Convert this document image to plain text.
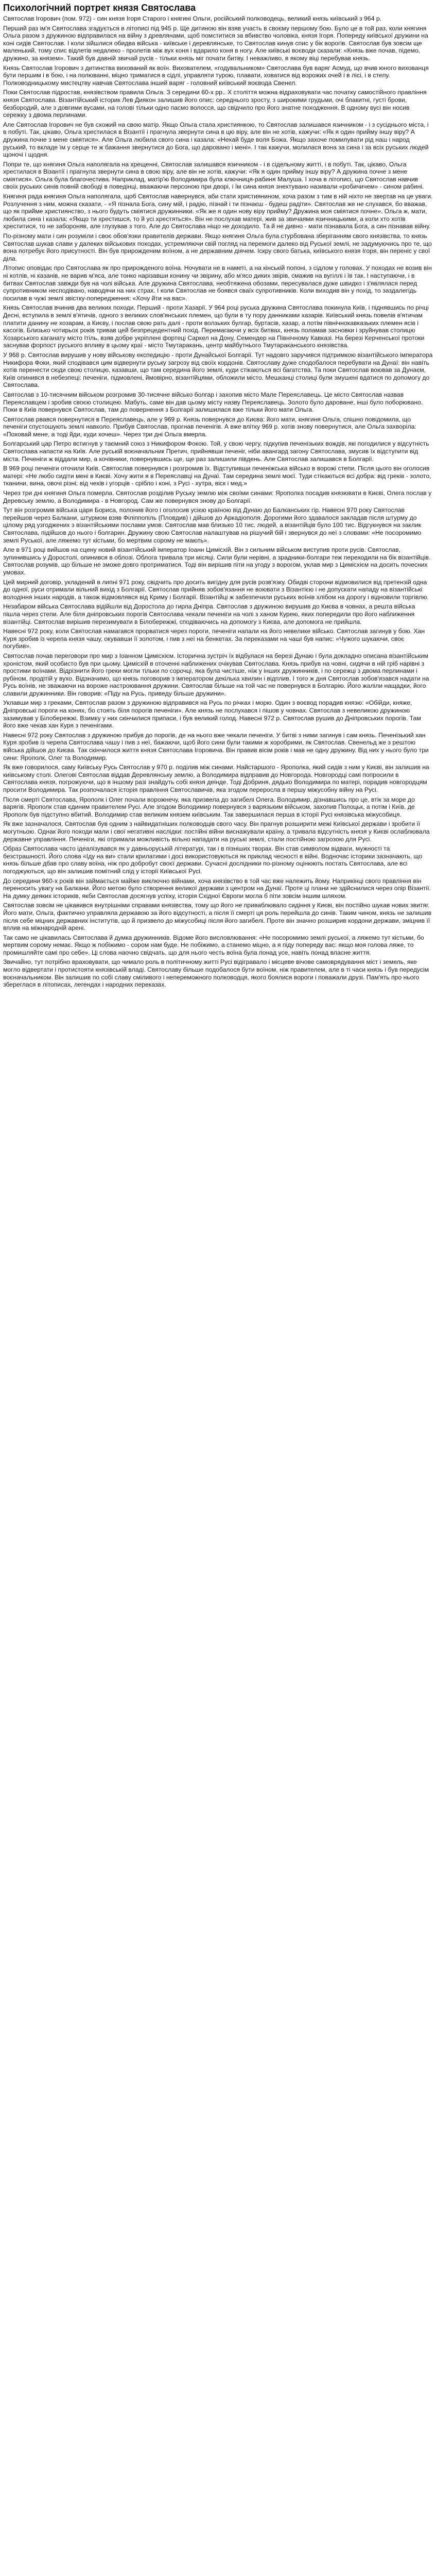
Психологічний портрет князя Святослава

Святослав Ігорович (пом. 972) - син князя Ігоря Старого і княгині Ольги, російський полководець, великий князь київський з 964 р.

Перший раз ім'я Святослава згадується в літописі під 945 р. Ще дитиною він взяв участь в своєму першому бою. Було це в той раз, коли княгиня Ольга разом з дружиною відправилася на війну з древлянами, щоб помститися за вбивство чоловіка, князя Ігоря. Попереду київської дружини на коні сидів Святослав. І коли зійшлися обидва війська - київське і деревлянське, то Святослав кинув спис у бік ворогів. Святослав був зовсім ще маленький, тому спис відлетів недалеко - пролетів між вух коня і вдарило коня в ногу. Але київські воєводи сказали: «Князь вже почав, підемо, дружино, за князем». Такий був давній звичай русів - тільки князь міг почати битву. І неважливо, в якому віці перебував князь.

Князь Святослав Ігорович з дитинства вихований як воїн. Вихователем, «годувальником» Святослава був варяг Асмуд, що вчив юного вихованця бути першим і в бою, і на полюванні, міцно триматися в сідлі, управляти турою, плавати, ховатися від ворожих очей і в лісі, і в степу. Полководницькому мистецтву навчав Святослава інший варяг - головний київський воєвода Свенел.

Поки Святослав підростав, князівством правила Ольга. З середини 60-х рр.. Х століття можна відраховувати час початку самостійного правління князя Святослава. Візантійський історик Лев Диякон залишив його опис: середнього зросту, з широкими грудьми, очі блакитні, густі брови, безбородий, але з довгими вусами, на голові тільки одно пасмо волосся, що свідчило про його знатне походження. В одному вусі він носив сережку з двома перлинами.

Але Святослав Ігорович не був схожий на свою матір. Якщо Ольга стала християнкою, то Святослав залишався язичником - і з сусіднього міста, і в побуті. Так, цікаво, Ольга хрестилася в Візантії і прагнула звернути сина в цю віру, але він не хотів, кажучи: «Як я один прийму іншу віру? А дружина почне з мене сміятися». Але Ольга любила свого сина і казала: «Нехай буде воля Божа. Якщо захоче помилувати рід наш і народ руський, то вкладе їм у серце те ж бажання звернутися до Бога, що даровано і мені». І так кажучи, молилася вона за сина і за всіх руських людей щоночі і щодня.

Попри те, що княгиня Ольга наполягала на хрещенні, Святослав залишався язичником - і в сідельному житті, і в побуті. Так, цікаво, Ольга хрестилася в Візантії і прагнула звернути сина в свою віру, але він не хотів, кажучи: «Як я один прийму іншу віру? А дружина почне з мене сміятися». Ольга була благочестива. Наприклад, матір'ю Володимира була ключниця-рабиня Малуша. І хоча в літописі, що Святослав навчив своїх руських синів повній свободі в поведінці, вважаючи персоною при дворі, і їм сина князя знехтувано називали «робичичем» - сином рабині.

Княгиня рада княгиня Ольга наполягала, щоб Святослав навернувся, аби стати християнином, хоча разом з тим в ній ніхто не звертав на це уваги. Розлучення з ним, можна сказати, - «Я пізнала Бога, сину мій, і радію, пізнай і ти пізнаєш - будеш радіти». Святослав же не слухався, бо вважав, що як прийме християнство, з нього будуть сміятися дружинники. «Як же я один нову віру прийму? Дружина моя сміятися почне». Ольга ж, мати, любила сина і казала: «Якщо ти хрестишся, то й усі хрестяться». Він не послухав матері, жив за звичаями язичницькими, а коли хто хотів хреститися, то не забороняв, але глузував з того. Але до Святослава ніщо не доходило. Та й не дивно - мати пізнавала Бога, а син пізнавав війну.

По-різному мати і син розуміли і своє обов'язки правителів держави. Якщо княгиня Ольга була стурбована зберіганням свого князівства, то князь Святослав шукав слави у далеких військових походах, устремляючи свій погляд на перемоги далеко від Руської землі, не задумуючись про те, що вона потребує його присутності. Він був прирожденим воїном, а не державним діячем. Іскру свого батька, київського князя Ігоря, він переніс у свої діла.

Літопис оповідає про Святослава як про прирожденого воїна. Ночувати не в наметі, а на кінській попоні, з сідлом у головах. У походах не возив він ні котлів, ні казанів, не варив м'яса, але тонко нарізавши конину чи звірину, або м'ясо диких звірів, смажив на вугіллі і їв так. І наступаючи, і в битвах Святослав завжди був на чолі війська. Але дружина Святослава, необтяжена обозами, пересувалася дуже швидко і з'являлася перед супротивником несподівано, наводячи на них страх. І коли Святослав не боявся сваїх супротивників. Коли виходив він у похід, то заздалегідь посилав в чужі землі звістку-попередження: «Хочу йти на вас».

Князь Святослав вчинив два великих походи. Перший - проти Хазарії. У 964 році руська дружина Святослава покинула Київ, і піднявшись по річці Десні, вступила в землі в'ятичів, одного з великих слов'янських племен, що були в ту пору данниками хазарів. Київський князь повелів в'ятичам платити данину не хозарам, а Києву, і послав свою рать далі - проти волзьких булгар, буртасів, хазар, а потім північнокавказьких племен ясів і касогів. Близько чотирьох років тривав цей безпрецедентний похід. Перемагаючи у всіх битвах, князь поламав засновки і зруйнував столицю Хозарського каганату місто Ітіль, взяв добре укріплені фортеці Саркел на Дону, Семендер на Північному Кавказі. На березі Керченської протоки заснував форпост руського впливу в цьому краї - місто Тмутаракань, центр майбутнього Тмутараканського князівства.

У 968 р. Святослав вирушив у нову військову експедицію - проти Дунайської Болгарії. Тут надовго заручився підтримкою візантійського імператора Никифора Фоки, який сподівався цим відвернути руську загрозу від своїх кордонів. Святославу дуже сподобалося перебувати на Дунаї: він навіть хотів перенести сюди свою столицю, казавши, що там середина його землі, куди стікаються всі багатства. Та поки Святослав воював за Дунаєм, Київ опинився в небезпеці: печеніги, підмовлені, ймовірно, візантійцями, обложили місто. Мешканці столиці були змушені вдатися по допомогу до Святослава.

Святослав з 10-тисячним військом розгромив 30-тисячне військо болгар і захопив місто Мале Переяславець. Це місто Святослав назвав Переяславцем і зробив своєю столицею. Мабуть, саме він дав цьому місту назву Переяславець. Золото було дароване, інші було поборювано. Поки в Київ повернувся Святослав, там до повернення з Болгарії залишилася вже тільки його мати Ольга.

Святослав рвався повернутися в Переяславець, але у 969 р. Князь повернувся до Києва: його мати, княгиня Ольга, спішно повідомила, що печеніги спустошують землі навколо. Прибув Святослав, прогнав печенігів. А вже влітку 969 р. хотів знову повернутися, але Ольга захворіла: «Поховай мене, а тоді йди, куди хочеш». Через три дні Ольга вмерла.

Болгарський цар Петро встигнув у таємний союз з Никифором Фокою. Той, у свою чергу, підкупив печенізьких вождів, які погодилися у відсутність Святослава напасти на Київ. Але руській воєначальник Претич, прийнявши печеніг, ніби авангард загону Святослава, змусив їх відступити від міста. Печеніги ж віддали мир, а кочівники, повернувшись ще, ще раз залишили південь. Але Святослав залишався в Болгарії.

В 969 році печеніги оточили Київ. Святослав повернувся і розгромив їх. Відступивши печеніжська військо в ворожі степи. Після цього він оголосив матері: «Не любо сидіти мені в Києві. Хочу жити я в Переяславці на Дунаї. Там середина землі моєї. Туди стікаються всі добра: від греків - золото, тканини, вина, овочі різні; від чехів і угорців - срібло і коні, з Русі - хутра, віск і мед.»

Через три дні княгиня Ольга померла. Святослав розділив Руську землю між своїми синами: Ярополка посадив князювати в Києві, Олега послав у Деревську землю, а Володимира - в Новгород. Сам же повернувся знову до Болгарії.

Тут він розгромив війська царя Бориса, полонив його і оголосив усією країною від Дунаю до Балканських гір. Навесні 970 року Святослав перейшов через Балкани, штурмом взяв Філіппопіль (Пловдив) і дійшов до Аркадіополя. Дорогими його здавалося закладав після штурму до цілому ряд узгоджених з візантійськими послами умов. Святослав мав близько 10 тис. людей, а візантійців було 100 тис. Відгукнувся на заклик Святослава, підійшов до нього і болгарин. Дружину свою Святослав налаштував на рішучий бій і звернувся до неї з словами: «Не посоромимо землі Руської, але ляжемо тут кістьми, бо мертвим сорому не мають».

Але в 971 році вийшов на сцену новий візантійський імператор Іоанн Цимісхій. Він з сильним військом виступив проти русів. Святослав, зупинившись у Доростолі, опинився в облозі. Облога тривала три місяці. Сили були нерівні, а зрадники-болгари теж переходили на бік візантійців. Святослав розумів, що більше не зможе довго протриматися. Тоді він вирішив піти на угоду з ворогом, уклав мир з Цимісхієм на досить почесних умовах.

Цей мирний договір, укладений в липні 971 року, свідчить про досить вигідну для русів розв'язку. Обидві сторони відмовилися від претензій одна до одної, руси отримали вільний вихід з Болгарії. Святослав прийняв зобов'язання не воювати з Візантією і не допускати нападу на візантійські володіння інших народів, а також відмовлявся від Криму і Болгарії. Візантійці ж забезпечили руських воїнів хлібом на дорогу і відновили торгівлю.

Незабаром війська Святослава відійшли від Доростола до гирла Дніпра. Святослав з дружиною вирушив до Києва в човнах, а решта війська пішла через степи. Але біля дніпровських порогів Святослава чекали печеніги на чолі з ханом Курею, яких попередили про його наближення візантійці. Святослав вирішив перезимувати в Білобережжі, сподіваючись на допомогу з Києва, але допомога не прийшла.

Навесні 972 року, коли Святослав намагався прорватися через пороги, печеніги напали на його невелике військо. Святослав загинув у бою. Хан Куря зробив із черепа князя чашу, окувавши її золотом, і пив з неї на бенкетах. За переказами на чаші був напис: «Чужого шукаючи, своє погубив».

Святослав почав переговори про мир з Іоанном Цимісхієм. Історична зустріч їх відбулася на березі Дунаю і була докладно описана візантійським хроністом, який особисто був при цьому. Цимісхій в оточенні наближених очікував Святослава. Князь прибув на човні, сидячи в ній гріб нарівні з простими воїнами. Відрізнити його греки могли тільки по сорочці, яка була чистіше, ніж у інших дружинників, і по сережці з двома перлинами і рубіном, продітій у вухо. Відзначимо, що князь поговорив з імператором декілька хвилин і відплив. І того ж дня Святослав зобов'язався надати на Русь воїнів, не зважаючи на вороже настроювання дружини. Святослав більше на той час не повернувся в Болгарію. Його жаліли нащадки, його славили дружинники. Він говорив: «Піду на Русь, приведу більше дружини».

Уклавши мир з греками, Святослав разом з дружиною відправився на Русь по річках і морю. Один з воєвод порадив князю: «Обійди, княже, Дніпровські пороги на конях, бо стоять біля порогів печеніги». Але князь не послухався і пішов у човнах. Святослав з невеликою дружиною зазимував у Білобережжі. Взимку у них скінчилися припаси, і був великий голод. Навесні 972 р. Святослав рушив до Дніпровських порогів. Там його вже чекав хан Куря з печенігами.

Навесні 972 року Святослав з дружиною прибув до порогів, де на нього вже чекали печеніги. У битві з ними загинув і сам князь. Печенізький хан Куря зробив із черепа Святослава чашу і пив з неї, бажаючи, щоб його сини були такими ж хоробрими, як Святослав. Свенельд же з рештою війська дійшов до Києва. Так скінчилося життя князя Святослава Ігоровича. Він правив вісім років і мав не одну дружину. Від них у нього було три сини: Ярополк, Олег та Володимир.

Як вже говорилося, саму Київську Русь Святослав у 970 р. поділив між синами. Найстаршого - Ярополка, який сидів з ним у Києві, він залишив на київському столі. Олегові Святослав віддав Деревлянську землю, а Володимира відправив до Новгорода. Новгородці самі попросили в Святослава князя, погрожуючи, що в іншому разі знайдуть собі князя деінде. Тоді Добриня, дядько Володимира по матері, порадив новгородцям просити Володимира. Так розпочалася історія правління Святославичів, яка згодом переросла в першу міжусобну війну на Русі.

Після смерті Святослава, Ярополк і Олег почали ворожнечу, яка призвела до загибелі Олега. Володимир, дізнавшись про це, втік за море до варягів. Ярополк став єдиним правителем Русі. Але згодом Володимир повернувся з варязьким військом, захопив Полоцьк, а потім і Київ, де Ярополк був підступно вбитий. Володимир став великим князем київським. Так завершилася перша в історії Русі князівська міжусобиця.

Як вже зазначалося, Святослав був одним з найвидатніших полководців свого часу. Він прагнув розширити межі Київської держави і зробити її могутньою. Однак його походи мали і свої негативні наслідки: постійні війни виснажували країну, а тривала відсутність князя у Києві ослаблювала державне управління. Печеніги, які отримали можливість вільно нападати на руські землі, стали постійною загрозою для Русі.

Образ Святослава часто ідеалізувався як у давньоруській літературі, так і в пізніших творах. Він став символом відваги, мужності та безстрашності. Його слова «Іду на ви» стали крилатими і досі використовуються як приклад чесності в війні. Водночас історики зазначають, що князь більше дбав про славу воїна, ніж про добробут своєї держави. Сучасні дослідники по-різному оцінюють постать Святослава, але всі погоджуються, що він залишив помітний слід у історії Київської Русі.

До середини 960-х років він займається майже виключно війнами, хоча князівство в той час вже належить йому. Наприкінці свого правління він переносить увагу на Балкани. Його метою було створення великої держави з центром на Дунаї. Проте ці плани не здійснилися через опір Візантії. На думку деяких істориків, якби Святослав досягнув успіху, історія Східної Європи могла б піти зовсім іншим шляхом.

Святослав зовсім не цікавився внутрішніми справами князівства, тому що його не приваблювало сидіння у Києві, він постійно шукав нових звитяг. Його мати, Ольга, фактично управляла державою за його відсутності, а після її смерті ця роль перейшла до синів. Таким чином, князь не залишив після себе міцних державних інститутів, що й призвело до міжусобиці після його загибелі. Проте він значно розширив кордони держави, зміцнив її вплив на міжнародній арені.

Так само не цікавилась Святослава й думка дружинників. Відоме його висловлювання: «Не посоромимо землі руської, а ляжемо тут кістьми, бо мертвим сорому немає. Якщо ж побіжимо - сором нам буде. Не побіжимо, а станемо міцно, а я піду попереду вас: якщо моя голова ляже, то промишляйте самі про себе». Ці слова наочно свідчать, що для нього честь воїна була понад усе, навіть понад власне життя.

Звичайно, тут потрібно враховувати, що чимало роль в політичному житті Русі відігравало і місцеве вічове самоврядування міст і земель, яке могло відвертати і протистояти князівській владі. Святославу більше подобалося бути воїном, ніж правителем, але в ті часи князь і був передусім воєначальником. Він залишив по собі славу сміливого і непереможного полководця, якого боялися вороги і поважали друзі. Пам'ять про нього збереглася в літописах, легендах і народних переказах.
